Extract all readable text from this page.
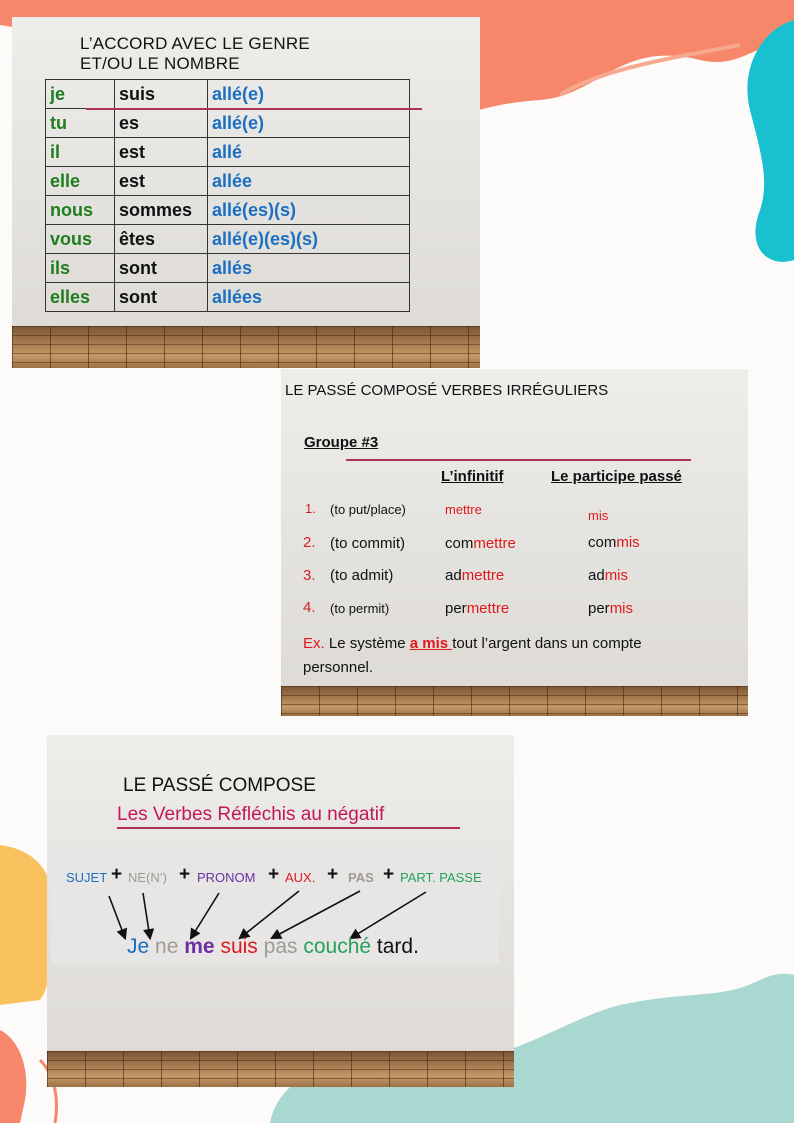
L’ACCORD AVEC LE GENRE
ET/OU LE NOMBRE
je	suis	allé(e)
tu	es	allé(e)
il	est	allé
elle	est	allée
nous	sommes	allé(es)(s)
vous	êtes	allé(e)(es)(s)
ils	sont	allés
elles	sont	allées
LE PASSÉ COMPOSÉ VERBES IRRÉGULIERS
Groupe #3
L’infinitif	Le participe passé
1. (to put/place)	mettre	mis
2. (to commit)	commettre	commis
3. (to admit)	admettre	admis
4. (to permit)	permettre	permis
Ex. Le système a mis tout l’argent dans un compte
personnel.
LE PASSÉ COMPOSE
Les Verbes Réfléchis au négatif
SUJET + NE(N’) + PRONOM + AUX. + PAS + PART. PASSE
Je ne me suis pas couché tard.
